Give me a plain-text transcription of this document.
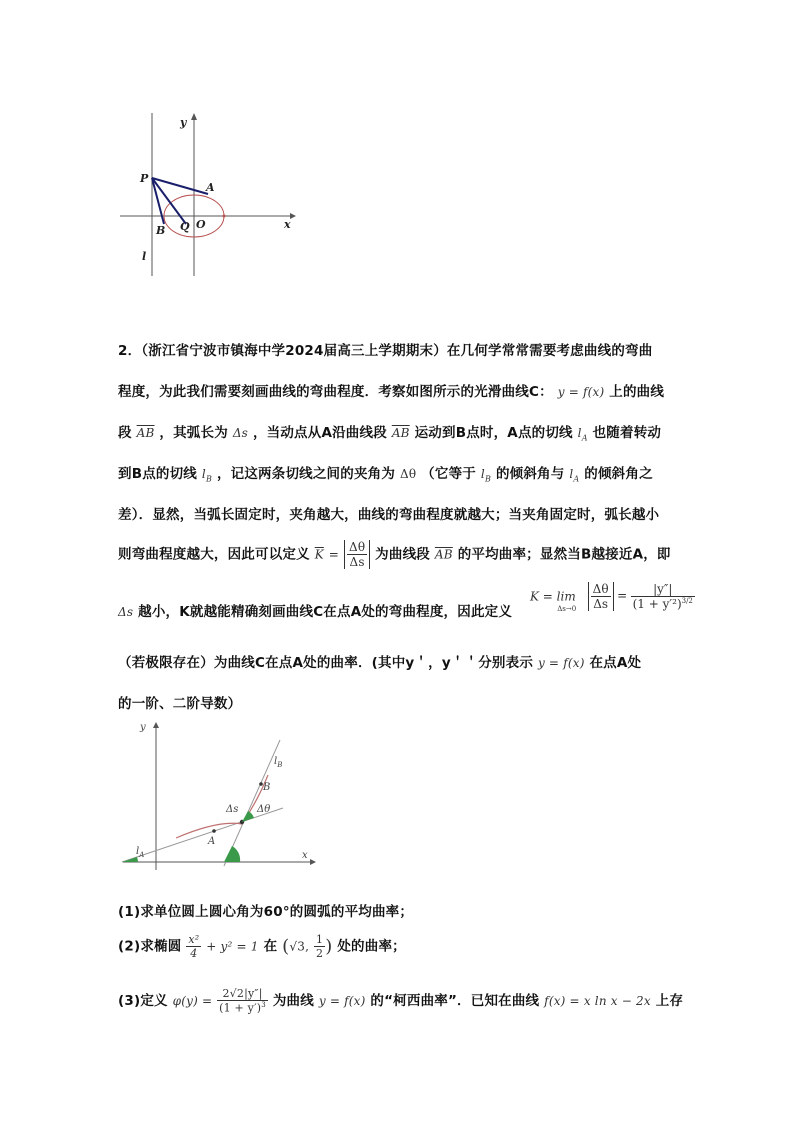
y
x
P
A
B Q O
l
2．（浙江省宁波市镇海中学2024届高三上学期期末）在几何学常常需要考虑曲线的弯曲
程度，为此我们需要刻画曲线的弯曲程度．考察如图所示的光滑曲线C： y = f(x) 上的曲线
段 $\overline{AB}$ ，其弧长为 Δs ，当动点从A沿曲线段 $\overline{AB}$ 运动到B点时，A点的切线 $l_A$ 也随着转动
到B点的切线 $l_B$ ，记这两条切线之间的夹角为 Δθ （它等于 $l_B$ 的倾斜角与 $l_A$ 的倾斜角之
差）．显然，当弧长固定时，夹角越大，曲线的弯曲程度就越大；当夹角固定时，弧长越小
则弯曲程度越大，因此可以定义 $\overline{K} = \frac{\Delta\theta}{\Delta s}$ 为曲线段 $\overline{AB}$ 的平均曲率；显然当B越接近A，即
Δs 越小，K就越能精确刻画曲线C在点A处的弯曲程度，因此定义
$K = \lim _{\Delta s\to 0} \frac{\Delta\theta}{\Delta s} = \frac{|y''|}{(1 + y'^2)^{3/2}}$
（若极限存在）为曲线C在点A处的曲率．(其中y＇，y＇＇分别表示 y = f(x) 在点A处
的一阶、二阶导数）
y
x
$l_B$
$l_A$
B
A
Δs Δθ
(1)求单位圆上圆心角为60°的圆弧的平均曲率；
(2)求椭圆 $\frac{\text{x²}}{4} + y^2 = 1$ 在 (√3, $\frac{1}{2}$ ) 处的曲率；
(3)定义 $\varphi(y) = \frac{2√2|y''|}{(1 + y')^3}$ 为曲线 y = f(x) 的“柯西曲率”．已知在曲线 f(x) = x ln x − 2x 上存
